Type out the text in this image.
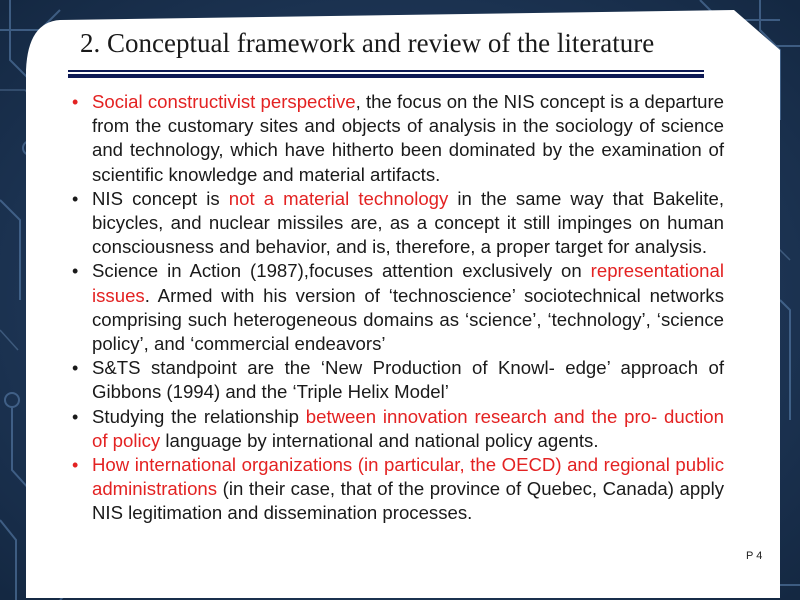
2. Conceptual framework and review of the literature
• Social constructivist perspective, the focus on the NIS concept is a departure from the customary sites and objects of analysis in the sociology of science and technology, which have hitherto been dominated by the examination of scientific knowledge and material artifacts.
• NIS concept is not a material technology in the same way that Bakelite, bicycles, and nuclear missiles are, as a concept it still impinges on human consciousness and behavior, and is, therefore, a proper target for analysis.
• Science in Action (1987),focuses attention exclusively on representational issues. Armed with his version of ‘technoscience’ sociotechnical networks comprising such heterogeneous domains as ‘science’, ‘technology’, ‘science policy’, and ‘commercial endeavors’
• S&TS standpoint are the ‘New Production of Knowl- edge’ approach of Gibbons (1994) and the ‘Triple Helix Model’
• Studying the relationship between innovation research and the pro- duction of policy language by international and national policy agents.
• How international organizations (in particular, the OECD) and regional public administrations (in their case, that of the province of Quebec, Canada) apply NIS legitimation and dissemination processes.
P 4
